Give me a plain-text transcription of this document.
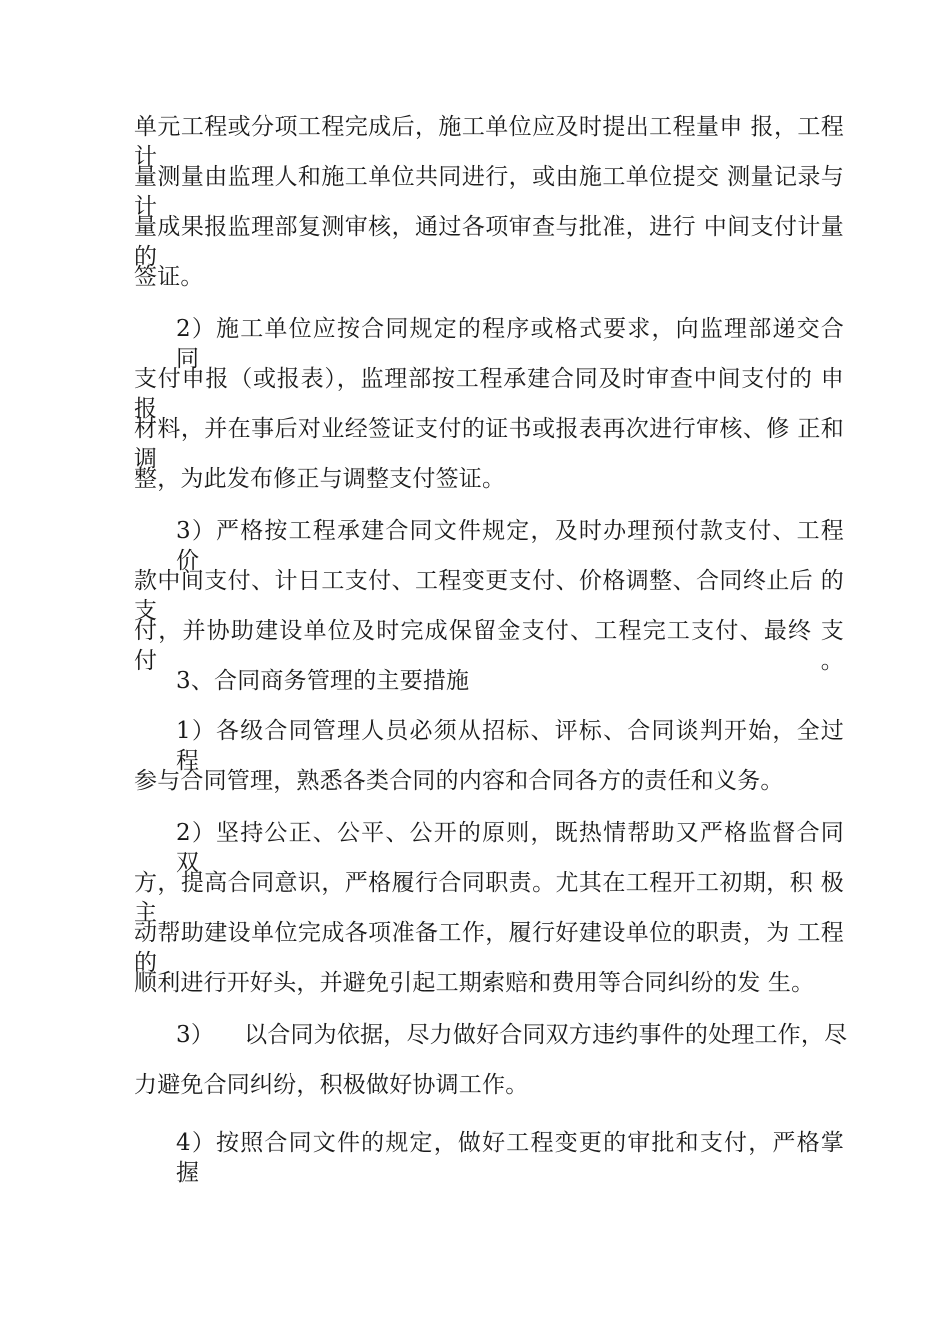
单元工程或分项工程完成后，施工单位应及时提出工程量申 报，工程计
量测量由监理人和施工单位共同进行，或由施工单位提交 测量记录与计
量成果报监理部复测审核，通过各项审查与批准，进行 中间支付计量的
签证。
2）施工单位应按合同规定的程序或格式要求，向监理部递交合 同
支付申报（或报表），监理部按工程承建合同及时审查中间支付的 申报
材料，并在事后对业经签证支付的证书或报表再次进行审核、修 正和调
整，为此发布修正与调整支付签证。
3）严格按工程承建合同文件规定，及时办理预付款支付、工程 价
款中间支付、计日工支付、工程变更支付、价格调整、合同终止后 的支
付，并协助建设单位及时完成保留金支付、工程完工支付、最终 支付。
3、合同商务管理的主要措施
1）各级合同管理人员必须从招标、评标、合同谈判开始，全过 程
参与合同管理，熟悉各类合同的内容和合同各方的责任和义务。
2）坚持公正、公平、公开的原则，既热情帮助又严格监督合同 双
方，提高合同意识，严格履行合同职责。尤其在工程开工初期，积 极主
动帮助建设单位完成各项准备工作，履行好建设单位的职责，为 工程的
顺利进行开好头，并避免引起工期索赔和费用等合同纠纷的发 生。
3）    以合同为依据，尽力做好合同双方违约事件的处理工作，尽
力避免合同纠纷，积极做好协调工作。
4）按照合同文件的规定，做好工程变更的审批和支付，严格掌 握
